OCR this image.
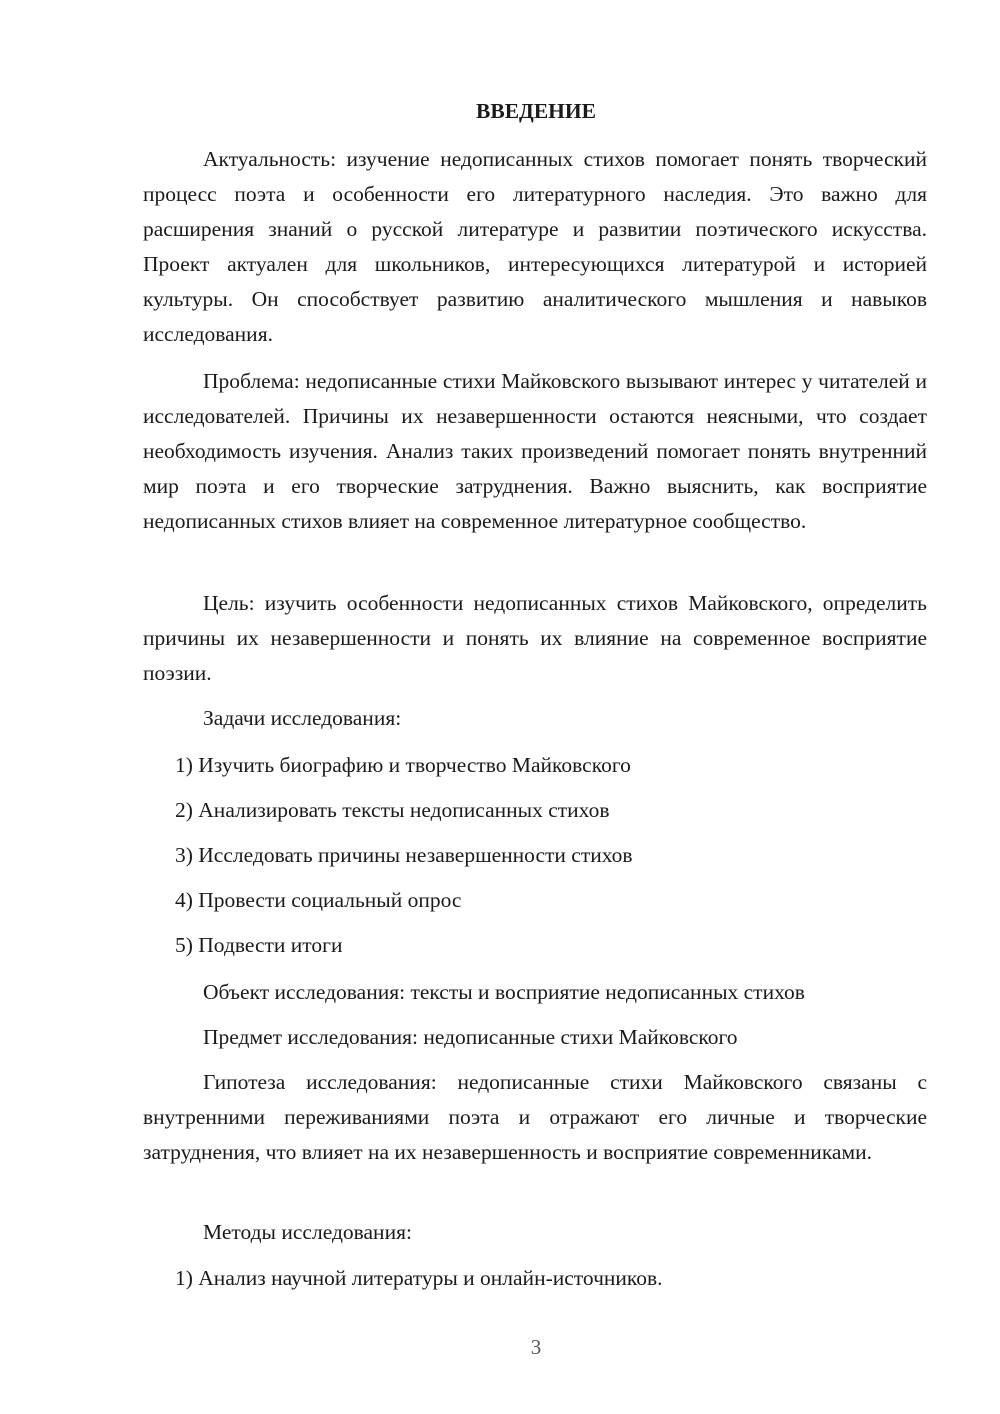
ВВЕДЕНИЕ

Актуальность: изучение недописанных стихов помогает понять творческий процесс поэта и особенности его литературного наследия. Это важно для расширения знаний о русской литературе и развитии поэтического искусства. Проект актуален для школьников, интересующихся литературой и историей культуры. Он способствует развитию аналитического мышления и навыков исследования.

Проблема: недописанные стихи Майковского вызывают интерес у читателей и исследователей. Причины их незавершенности остаются неясными, что создает необходимость изучения. Анализ таких произведений помогает понять внутренний мир поэта и его творческие затруднения. Важно выяснить, как восприятие недописанных стихов влияет на современное литературное сообщество.

Цель: изучить особенности недописанных стихов Майковского, определить причины их незавершенности и понять их влияние на современное восприятие поэзии.

Задачи исследования:

1) Изучить биографию и творчество Майковского

2) Анализировать тексты недописанных стихов

3) Исследовать причины незавершенности стихов

4) Провести социальный опрос

5) Подвести итоги

Объект исследования: тексты и восприятие недописанных стихов

Предмет исследования: недописанные стихи Майковского

Гипотеза исследования: недописанные стихи Майковского связаны с внутренними переживаниями поэта и отражают его личные и творческие затруднения, что влияет на их незавершенность и восприятие современниками.

Методы исследования:

1) Анализ научной литературы и онлайн-источников.

3
